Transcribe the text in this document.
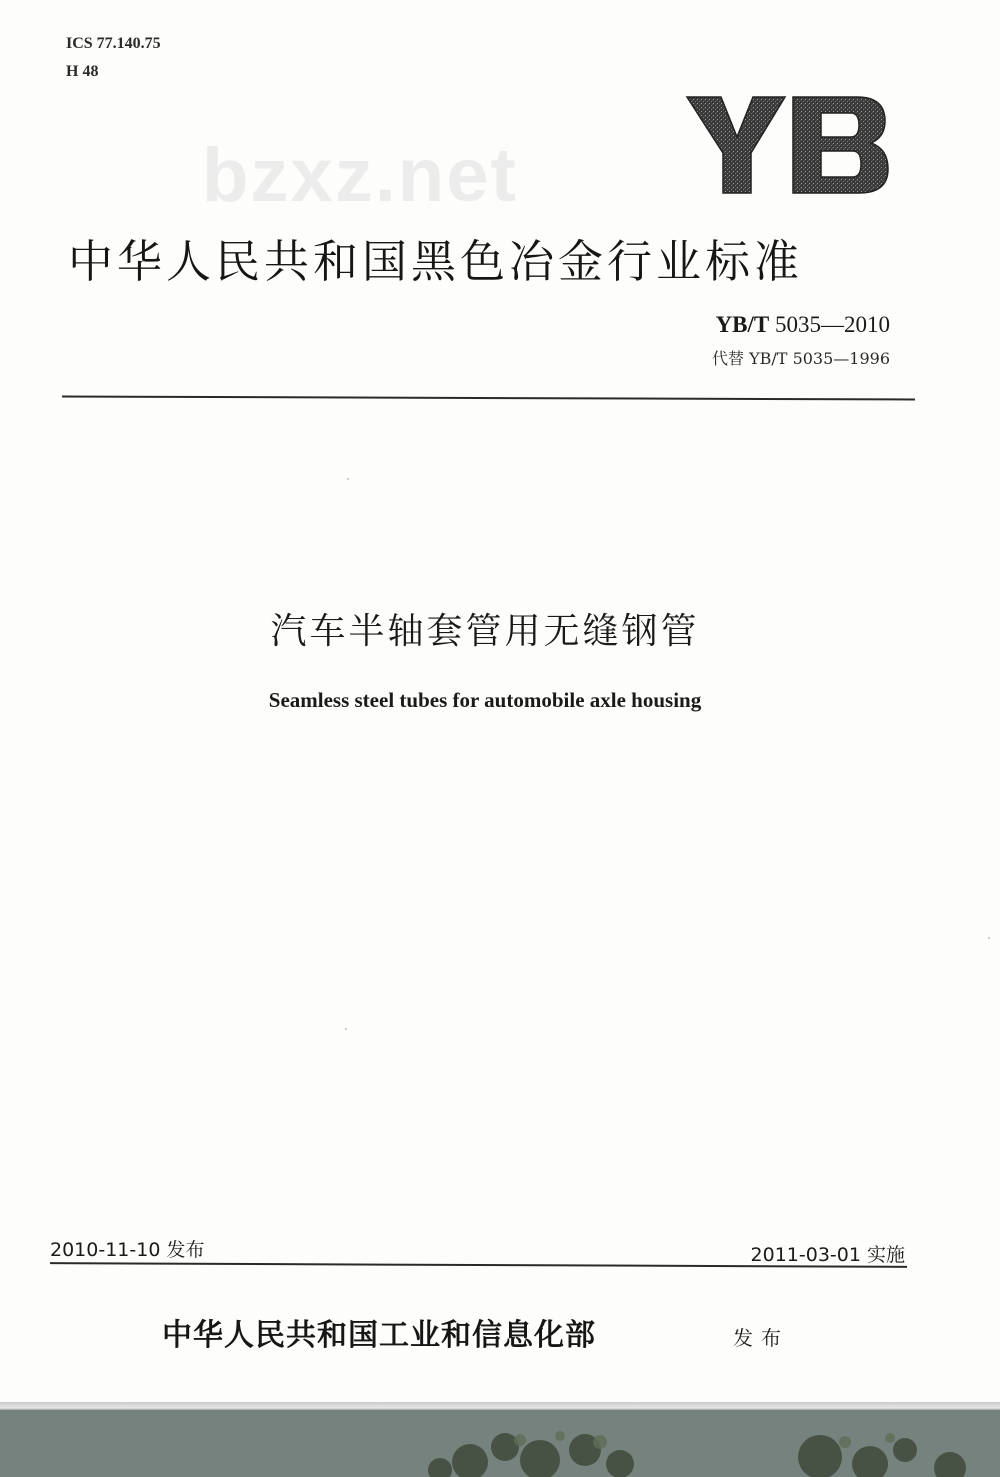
ICS 77.140.75
H 48
bzxz.net
中华人民共和国黑色冶金行业标准
YB/T 5035—2010
代替 YB/T 5035—1996
汽车半轴套管用无缝钢管
Seamless steel tubes for automobile axle housing
2010-11-10 发布	2011-03-01 实施
中华人民共和国工业和信息化部	发布
